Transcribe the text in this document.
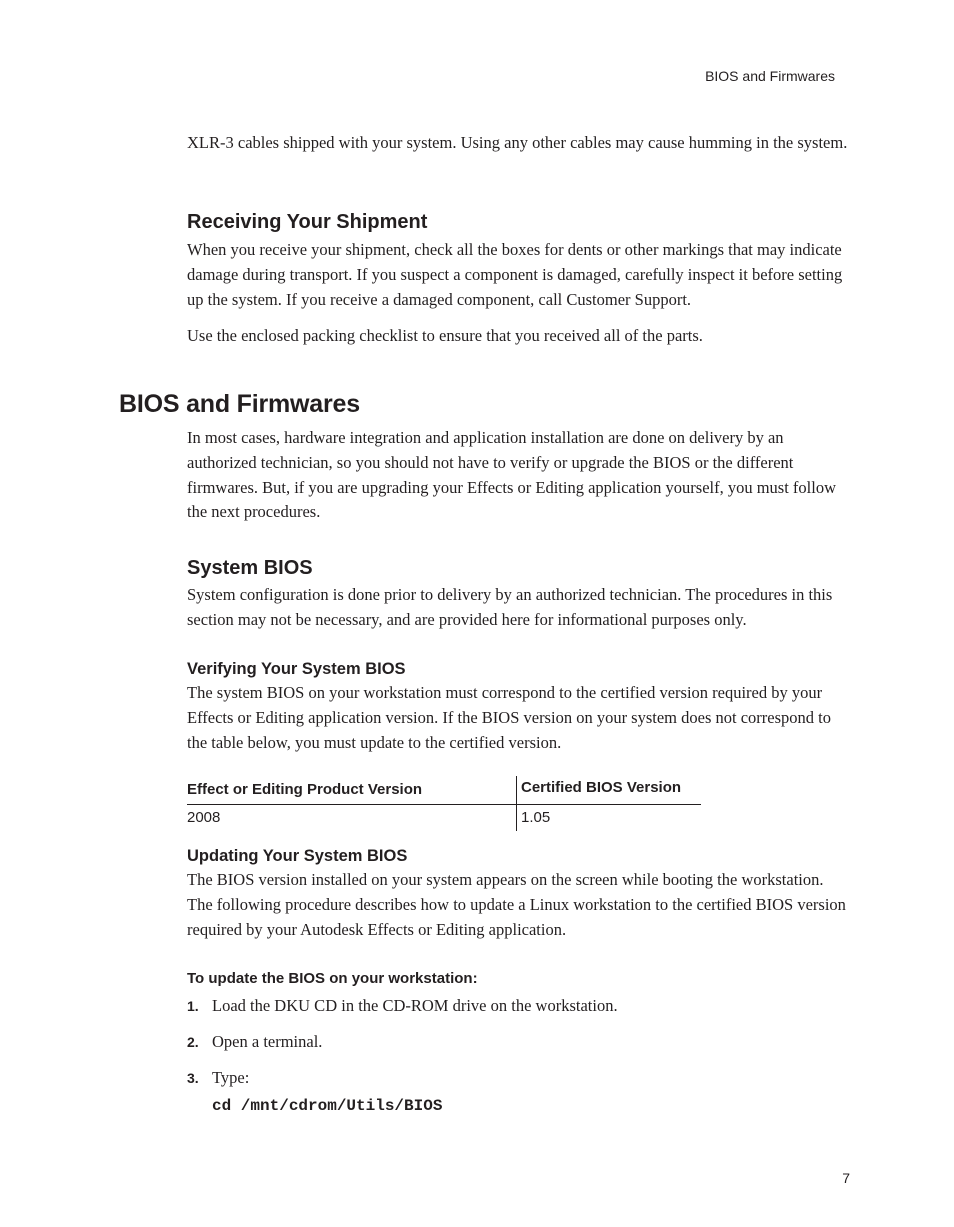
BIOS and Firmwares

XLR-3 cables shipped with your system. Using any other cables may cause humming in the system.

Receiving Your Shipment

When you receive your shipment, check all the boxes for dents or other markings that may indicate damage during transport. If you suspect a component is damaged, carefully inspect it before setting up the system. If you receive a damaged component, call Customer Support.

Use the enclosed packing checklist to ensure that you received all of the parts.

BIOS and Firmwares

In most cases, hardware integration and application installation are done on delivery by an authorized technician, so you should not have to verify or upgrade the BIOS or the different firmwares. But, if you are upgrading your Effects or Editing application yourself, you must follow the next procedures.

System BIOS

System configuration is done prior to delivery by an authorized technician. The procedures in this section may not be necessary, and are provided here for informational purposes only.

Verifying Your System BIOS

The system BIOS on your workstation must correspond to the certified version required by your Effects or Editing application version. If the BIOS version on your system does not correspond to the table below, you must update to the certified version.

Effect or Editing Product Version	Certified BIOS Version
2008	1.05
Updating Your System BIOS

The BIOS version installed on your system appears on the screen while booting the workstation. The following procedure describes how to update a Linux workstation to the certified BIOS version required by your Autodesk Effects or Editing application.

To update the BIOS on your workstation:
1. Load the DKU CD in the CD-ROM drive on the workstation.
2. Open a terminal.
3. Type:
cd /mnt/cdrom/Utils/BIOS
7
